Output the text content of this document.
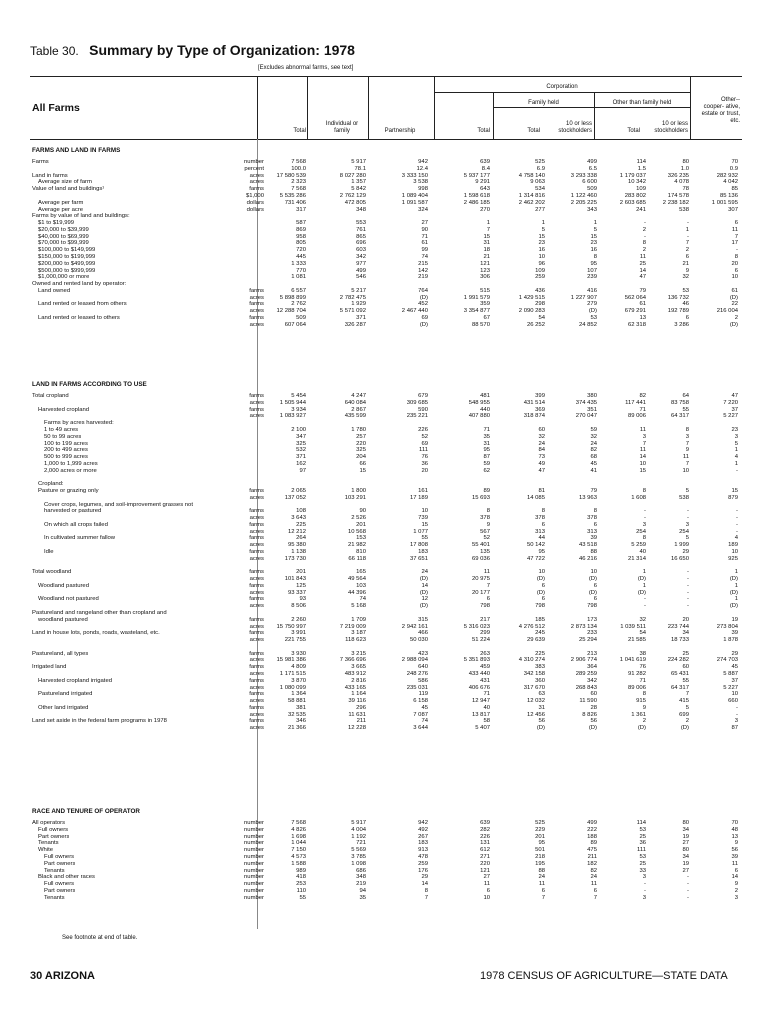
Table 30. Summary by Type of Organization: 1978
[Excludes abnormal farms, see text]
All Farms
Corporation
Family held	Other than family held	Other-- cooper- ative, estate or trust, etc.
Total
Individual or family	Partnership	Total	Total
10 or less stockholders	Total
10 or less stockholders
FARMS AND LAND IN FARMS
Farms	number	7 568	5 917	942	639	525	499	114	80	70
percent	100.0	78.1	12.4	8.4	6.9	6.5	1.5	1.0	0.9
Land in farms	acres 17 580 539	8 027 280	3 333 150	5 937 177	4 758 140	3 293 338	1 179 037	326 235	282 932
Average size of farm	acres	2 323	1 357	3 538	9 291	9 063	6 600	10 342	4 078	4 042
Value of land and buildings¹	farms	7 568	5 842	998	643	534	509	109	78	85
$1,000	5 535 286	2 762 129	1 089 404	1 598 618	1 314 816	1 122 460	283 802	174 578	85 136
Average per farm	dollars	731 406	472 805	1 091 587	2 486 185	2 462 202	2 205 225	2 603 685	2 238 182	1 001 595
Average per acre	dollars	317	348	324	270	277	343	241	538	307
Farms by value of land and buildings:
$1 to $19,999	587	553	27	1	1	1	-	-	6
$20,000 to $39,999	869	761	90	7	5	5	2	1	11
$40,000 to $69,999	958	865	71	15	15	15	-	-	7
$70,000 to $99,999	805	696	61	31	23	23	8	7	17
$100,000 to $149,999	720	603	99	18	16	16	2	2	-
$150,000 to $199,999	445	342	74	21	10	8	11	6	8
$200,000 to $499,999	1 333	977	215	121	96	95	25	21	20
$500,000 to $999,999	770	499	142	123	109	107	14	9	6
$1,000,000 or more	1 081	546	219	306	259	239	47	32	10
Owned and rented land by operator:
Land owned	farms	6 557	5 217	764	515	436	416	79	53	61
acres	5 898 899	2 782 475	(D)	1 991 579	1 429 515	1 227 907	562 064	136 732	(D)
Land rented or leased from others	farms	2 762	1 929	452	359	298	279	61	46	22
acres 12 288 704	5 571 092	2 467 440	3 354 877	2 090 283	(D)	679 291	192 789	216 004
Land rented or leased to others	farms	509	371	69	67	54	53	13	6	2
acres	607 064	326 287	(D)	88 570	26 252	24 852	62 318	3 286	(D)
LAND IN FARMS ACCORDING TO USE
Total cropland	farms	5 454	4 247	679	481	399	380	82	64	47
acres	1 505 944	640 084	309 685	548 955	431 514	374 435	117 441	83 758	7 220
Harvested cropland	farms	3 934	2 867	590	440	369	351	71	55	37
acres	1 083 927	435 599	235 221	407 880	318 874	270 047	89 006	64 317	5 227
Farms by acres harvested:
1 to 49 acres	2 100	1 780	226	71	60	59	11	8	23
50 to 99 acres	347	257	52	35	32	32	3	3	3
100 to 199 acres	325	220	69	31	24	24	7	7	5
200 to 499 acres	532	325	111	95	84	82	11	9	1
500 to 999 acres	371	204	76	87	73	68	14	11	4
1,000 to 1,999 acres	162	66	36	59	49	45	10	7	1
2,000 acres or more	97	15	20	62	47	41	15	10	-
Cropland:
Pasture or grazing only	farms	2 065	1 800	161	89	81	79	8	5	15
acres	137 052	103 291	17 189	15 693	14 085	13 963	1 608	538	879
Cover crops, legumes, and soil-improvement grasses not
harvested or pastured	farms	108	90	10	8	8	8	-	-	-
acres	3 643	2 526	739	378	378	378	-	-	-
On which all crops failed	farms	225	201	15	9	6	6	3	3	-
acres	12 212	10 568	1 077	567	313	313	254	254	-
In cultivated summer fallow	farms	264	153	55	52	44	39	8	5	4
acres	95 380	21 982	17 808	55 401	50 142	43 518	5 259	1 999	189
Idle	farms	1 138	810	183	135	95	88	40	29	10
acres	173 730	66 118	37 651	69 036	47 722	46 216	21 314	16 650	925
Total woodland	farms	201	165	24	11	10	10	1	-	1
acres	101 843	49 564	(D)	20 975	(D)	(D)	(D)	-	(D)
Woodland pastured	farms	125	103	14	7	6	6	1	-	1
acres	93 337	44 396	(D)	20 177	(D)	(D)	(D)	-	(D)
Woodland not pastured	farms	93	74	12	6	6	6	-	-	1
acres	8 506	5 168	(D)	798	798	798	-	-	(D)
Pastureland and rangeland other than cropland and
woodland pastured	farms	2 260	1 709	315	217	185	173	32	20	19
acres 15 750 997	7 219 009	2 942 161	5 316 023	4 276 512	2 873 134	1 039 511	223 744	273 804
Land in house lots, ponds, roads, wasteland, etc.	farms	3 991	3 187	466	299	245	233	54	34	39
acres	221 755	118 623	50 030	51 224	29 639	25 294	21 585	18 733	1 878
Pastureland, all types	farms	3 930	3 215	423	263	225	213	38	25	29
acres 15 981 386	7 366 696	2 988 094	5 351 893	4 310 274	2 906 774	1 041 619	224 282	274 703
Irrigated land	farms	4 809	3 665	640	459	383	364	76	60	45
acres	1 171 515	483 912	248 276	433 440	342 158	289 259	91 282	65 431	5 887
Harvested cropland irrigated	farms	3 870	2 816	586	431	360	342	71	55	37
acres	1 080 099	433 165	235 031	406 676	317 670	268 843	89 006	64 317	5 227
Pastureland irrigated	farms	1 364	1 164	119	71	63	60	8	7	10
acres	58 881	39 116	6 158	12 947	12 032	11 590	915	415	660
Other land irrigated	farms	381	296	45	40	31	28	9	5	-
acres	32 535	11 631	7 087	13 817	12 456	8 826	1 361	699	-
Land set aside in the federal farm programs in 1978	farms	346	211	74	58	56	56	2	2	3
acres	21 366	12 228	3 644	5 407	(D)	(D)	(D)	(D)	87
RACE AND TENURE OF OPERATOR
All operators	number	7 568	5 917	942	639	525	499	114	80	70
Full owners	number	4 826	4 004	492	282	229	222	53	34	48
Part owners	number	1 698	1 192	267	226	201	188	25	19	13
Tenants	number	1 044	721	183	131	95	89	36	27	9
White	number	7 150	5 569	913	612	501	475	111	80	56
Full owners	number	4 573	3 785	478	271	218	211	53	34	39
Part owners	number	1 588	1 098	259	220	195	182	25	19	11
Tenants	number	989	686	176	121	88	82	33	27	6
Black and other races	number	418	348	29	27	24	24	3	-	14
Full owners	number	253	219	14	11	11	11	-	-	9
Part owners	number	110	94	8	6	6	6	-	-	2
Tenants	number	55	35	7	10	7	7	3	-	3
See footnote at end of table.
30 ARIZONA	1978 CENSUS OF AGRICULTURE—STATE DATA
